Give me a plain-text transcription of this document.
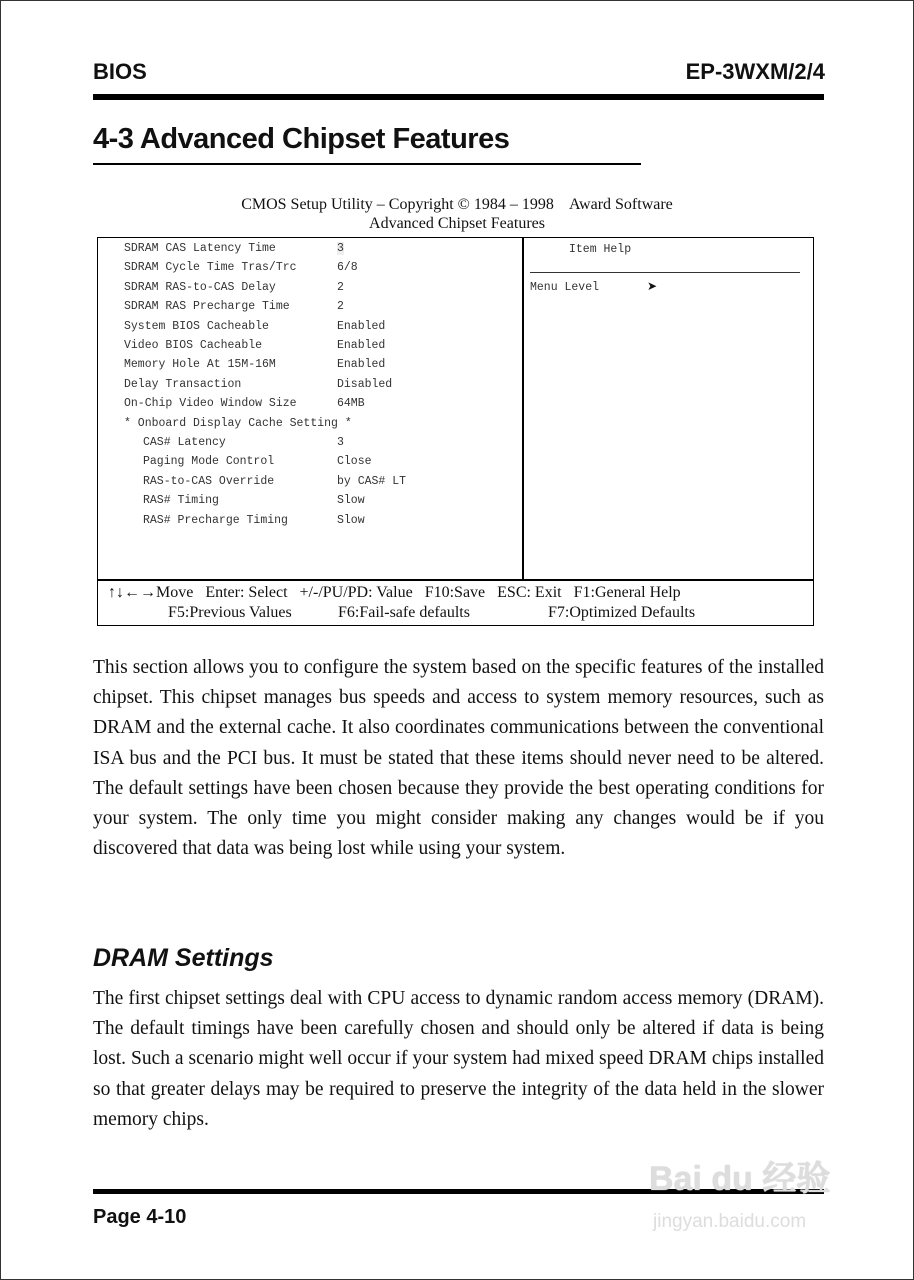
BIOS	EP-3WXM/2/4
4-3 Advanced Chipset Features
CMOS Setup Utility – Copyright © 1984 – 1998    Award Software
Advanced Chipset Features
SDRAM CAS Latency Time	3
SDRAM Cycle Time Tras/Trc	6/8
SDRAM RAS-to-CAS Delay	2
SDRAM RAS Precharge Time	2
System BIOS Cacheable	Enabled
Video BIOS Cacheable	Enabled
Memory Hole At 15M-16M	Enabled
Delay Transaction	Disabled
On-Chip Video Window Size	64MB
* Onboard Display Cache Setting *
CAS# Latency	3
Paging Mode Control	Close
RAS-to-CAS Override	by CAS# LT
RAS# Timing	Slow
RAS# Precharge Timing	Slow
Item Help
Menu Level	➤
↑↓←→Move   Enter: Select   +/-/PU/PD: Value   F10:Save   ESC: Exit   F1:General Help
F5:Previous Values	F6:Fail-safe defaults	F7:Optimized Defaults
This section allows you to configure the system based on the specific features of the installed chipset. This chipset manages bus speeds and access to system memory resources, such as DRAM and the external cache. It also coordinates communications between the conventional ISA bus and the PCI bus. It must be stated that these items should never need to be altered. The default settings have been chosen because they provide the best operating conditions for your system. The only time you might consider making any changes would be if you discovered that data was being lost while using your system.
DRAM Settings
The first chipset settings deal with CPU access to dynamic random access memory (DRAM). The default timings have been carefully chosen and should only be altered if data is being lost. Such a scenario might well occur if your system had mixed speed DRAM chips installed so that greater delays may be required to preserve the integrity of the data held in the slower memory chips.
Page 4-10
Bai du 经验
jingyan.baidu.com
